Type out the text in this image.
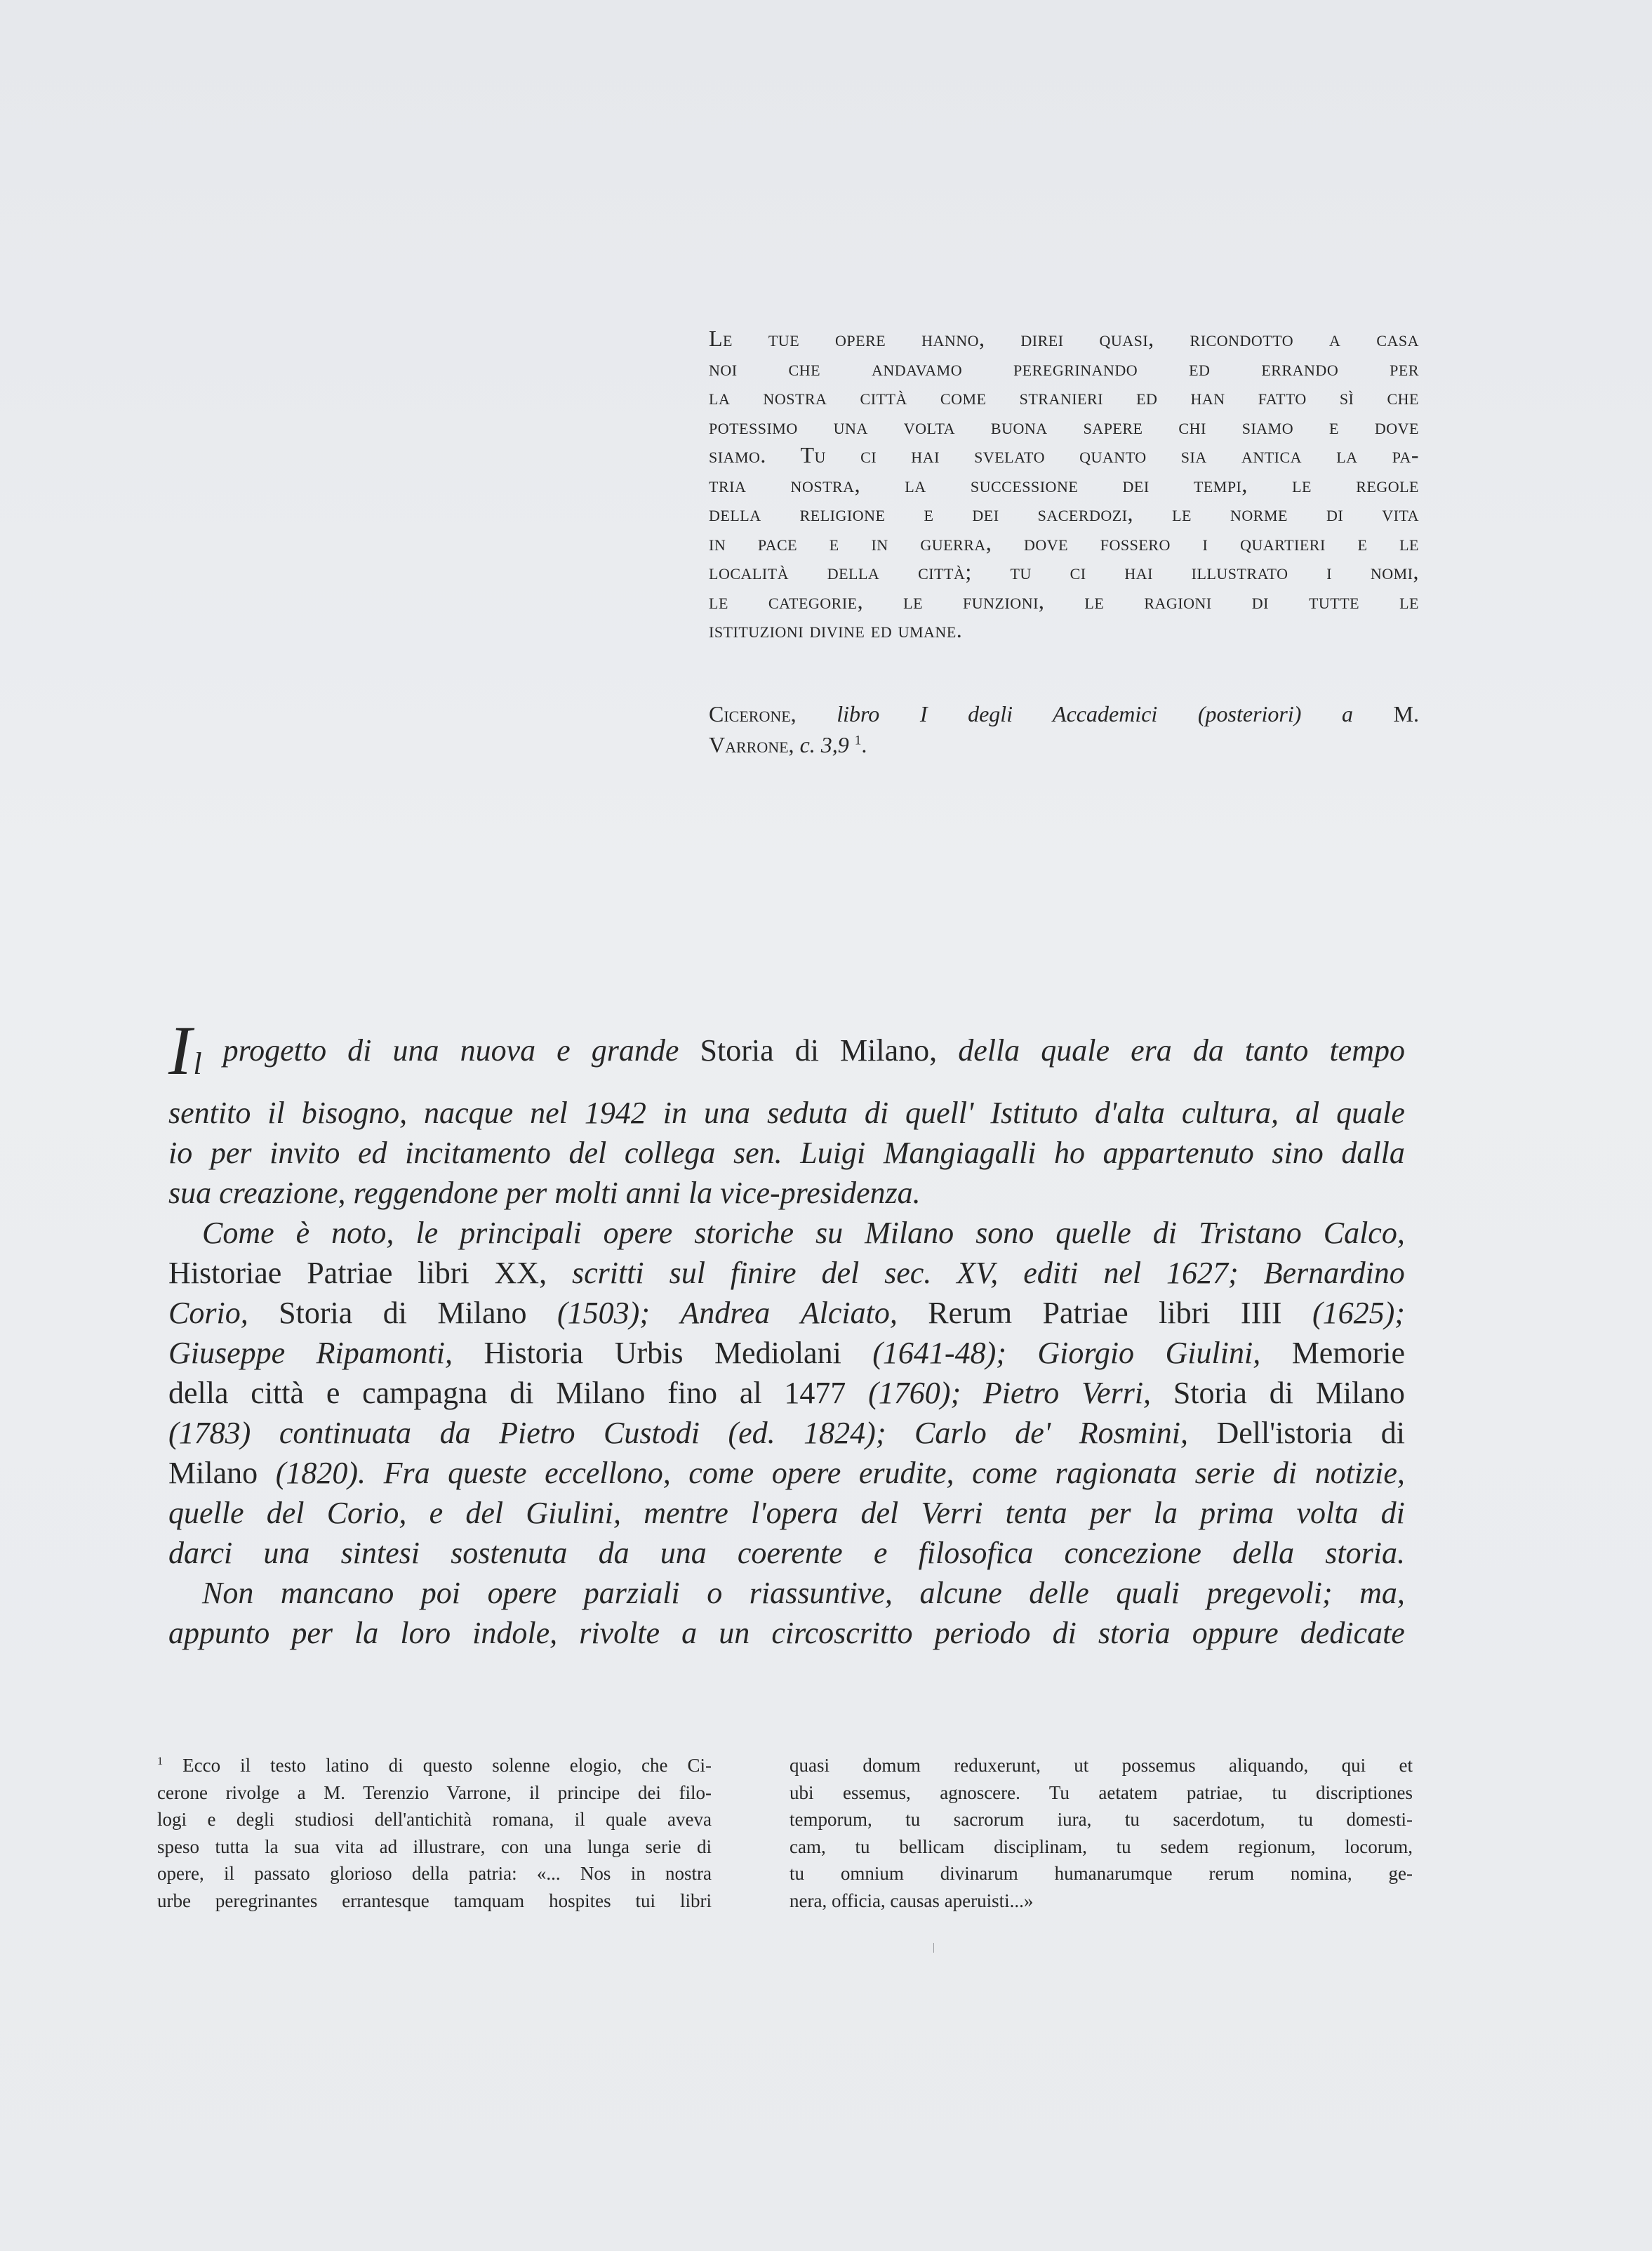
Le tue opere hanno, direi quasi, ricondotto a casa
noi che andavamo peregrinando ed errando per
la nostra città come stranieri ed han fatto sì che
potessimo una volta buona sapere chi siamo e dove
siamo. Tu ci hai svelato quanto sia antica la pa-
tria nostra, la successione dei tempi, le regole
della religione e dei sacerdozi, le norme di vita
in pace e in guerra, dove fossero i quartieri e le
località della città; tu ci hai illustrato i nomi,
le categorie, le funzioni, le ragioni di tutte le
istituzioni divine ed umane.
Cicerone, libro I degli Accademici (posteriori) a M.
Varrone, c. 3,9 $^1$.
Il progetto di una nuova e grande Storia di Milano, della quale era da tanto tempo
sentito il bisogno, nacque nel 1942 in una seduta di quell' Istituto d'alta cultura, al quale
io per invito ed incitamento del collega sen. Luigi Mangiagalli ho appartenuto sino dalla
sua creazione, reggendone per molti anni la vice-presidenza.
Come è noto, le principali opere storiche su Milano sono quelle di Tristano Calco,
Historiae Patriae libri XX, scritti sul finire del sec. XV, editi nel 1627; Bernardino
Corio, Storia di Milano (1503); Andrea Alciato, Rerum Patriae libri IIII (1625);
Giuseppe Ripamonti, Historia Urbis Mediolani (1641-48); Giorgio Giulini, Memorie
della città e campagna di Milano fino al 1477 (1760); Pietro Verri, Storia di Milano
(1783) continuata da Pietro Custodi (ed. 1824); Carlo de' Rosmini, Dell'istoria di
Milano (1820). Fra queste eccellono, come opere erudite, come ragionata serie di notizie,
quelle del Corio, e del Giulini, mentre l'opera del Verri tenta per la prima volta di
darci una sintesi sostenuta da una coerente e filosofica concezione della storia.
Non mancano poi opere parziali o riassuntive, alcune delle quali pregevoli; ma,
appunto per la loro indole, rivolte a un circoscritto periodo di storia oppure dedicate
$^1$ Ecco il testo latino di questo solenne elogio, che Ci-
cerone rivolge a M. Terenzio Varrone, il principe dei filo-
logi e degli studiosi dell'antichità romana, il quale aveva
speso tutta la sua vita ad illustrare, con una lunga serie di
opere, il passato glorioso della patria: «... Nos in nostra
urbe peregrinantes errantesque tamquam hospites tui libri
quasi domum reduxerunt, ut possemus aliquando, qui et
ubi essemus, agnoscere. Tu aetatem patriae, tu discriptiones
temporum, tu sacrorum iura, tu sacerdotum, tu domesti-
cam, tu bellicam disciplinam, tu sedem regionum, locorum,
tu omnium divinarum humanarumque rerum nomina, ge-
nera, officia, causas aperuisti...»
